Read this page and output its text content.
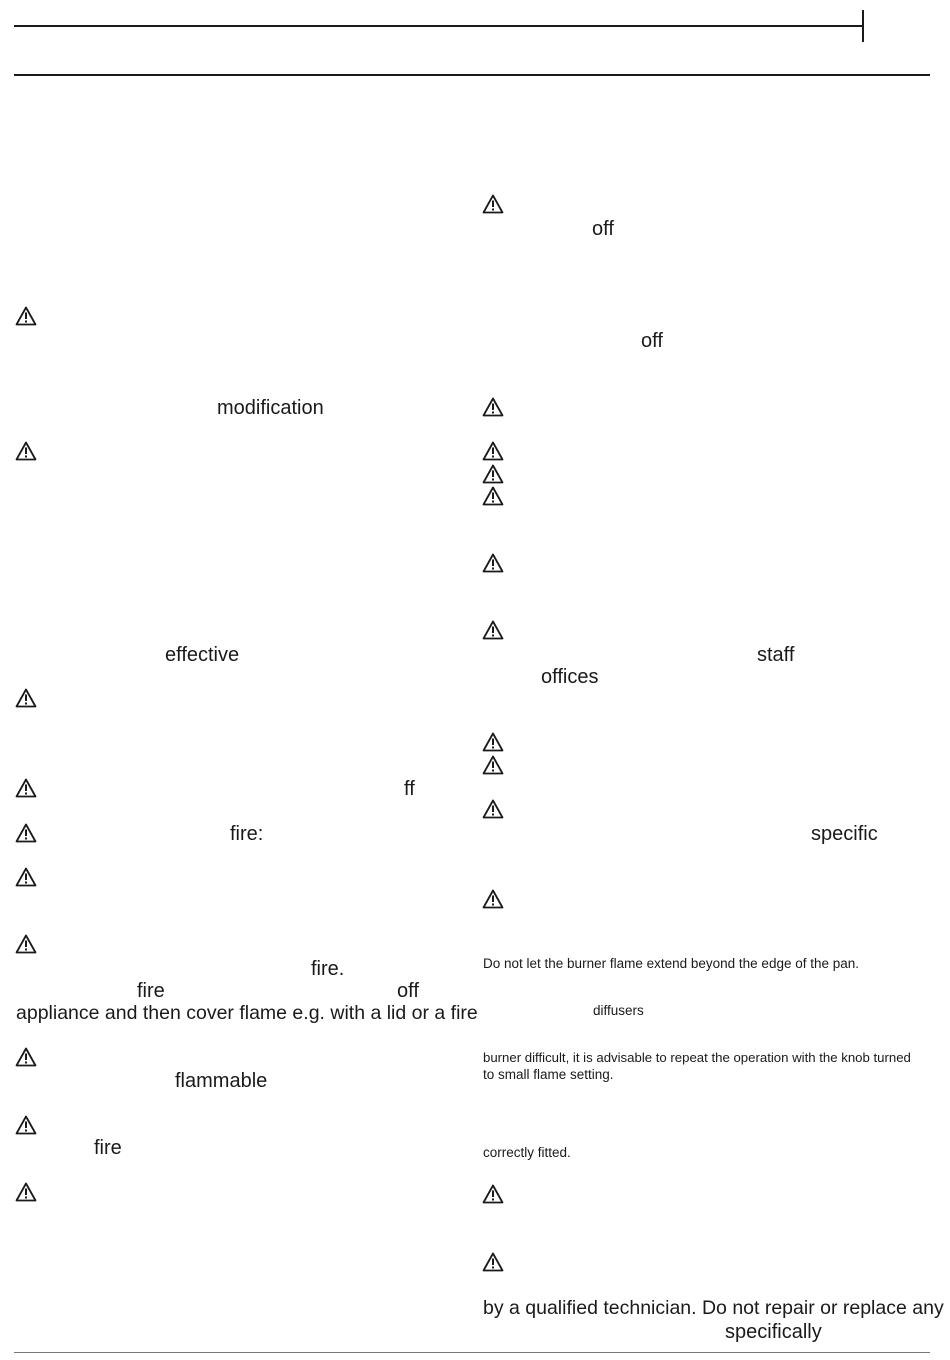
modification
effective
ff
fire:
fire.
fire	off
appliance and then cover flame e.g. with a lid or a fire
flammable
fire
off
off
staff
offices
specific
Do not let the burner flame extend beyond the edge of the pan.
diffusers
burner difficult, it is advisable to repeat the operation with the knob turned
to small flame setting.
correctly fitted.
by a qualified technician. Do not repair or replace any
specifically
